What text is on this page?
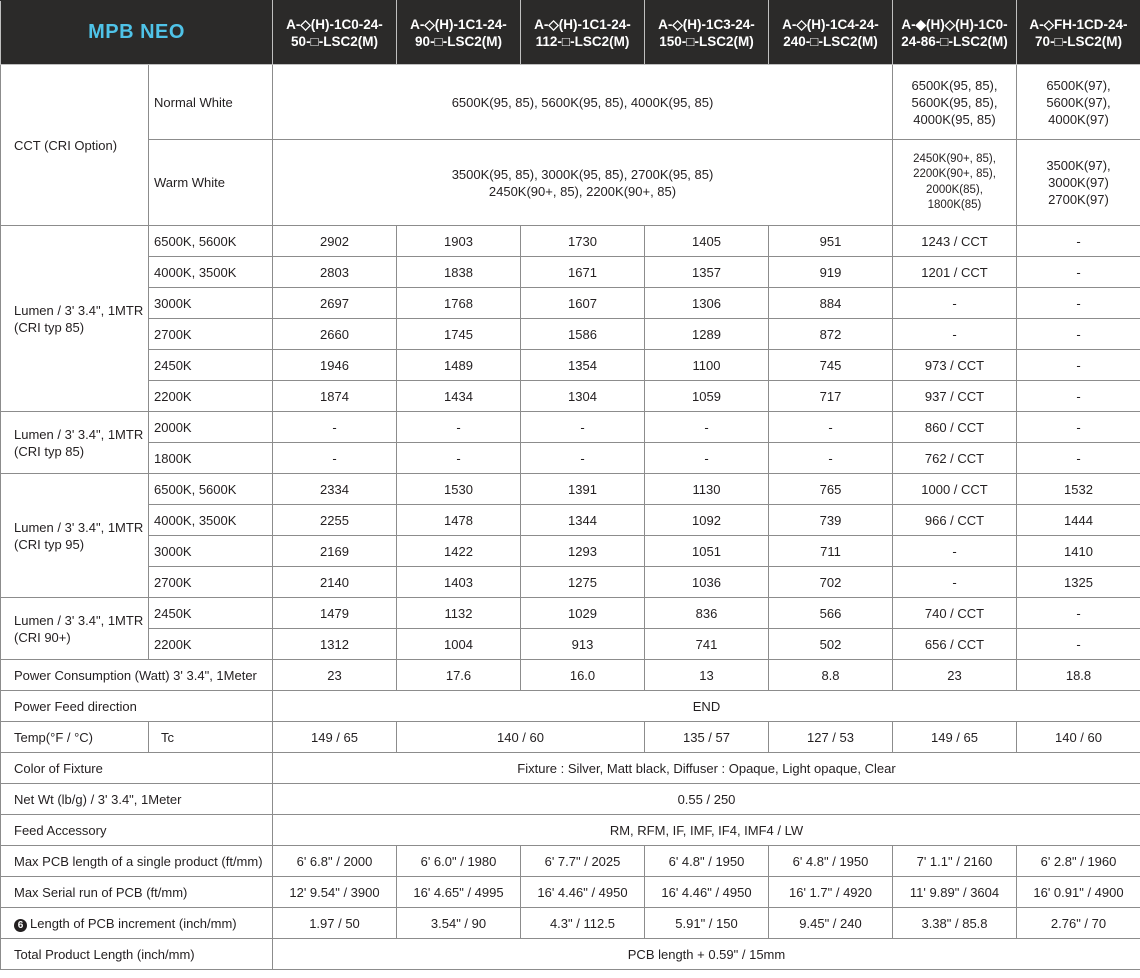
MPB NEO		A-◇(H)-1C0-24-50-□-LSC2(M)	A-◇(H)-1C1-24-90-□-LSC2(M)	A-◇(H)-1C1-24-112-□-LSC2(M)	A-◇(H)-1C3-24-150-□-LSC2(M)	A-◇(H)-1C4-24-240-□-LSC2(M)	A-◆(H)◇(H)-1C0-24-86-□-LSC2(M)	A-◇FH-1CD-24-70-□-LSC2(M)
CCT (CRI Option)	Normal White	6500K(95, 85), 5600K(95, 85), 4000K(95, 85)					6500K(95, 85), 5600K(95, 85), 4000K(95, 85)	6500K(97), 5600K(97), 4000K(97)
	Warm White	3500K(95, 85), 3000K(95, 85), 2700K(95, 85) 2450K(90+, 85), 2200K(90+, 85)					2450K(90+, 85), 2200K(90+, 85), 2000K(85), 1800K(85)	3500K(97), 3000K(97) 2700K(97)
Lumen / 3' 3.4", 1MTR (CRI typ 85)	6500K, 5600K	2902	1903	1730	1405	951	1243 / CCT	-
	4000K, 3500K	2803	1838	1671	1357	919	1201 / CCT	-
	3000K	2697	1768	1607	1306	884	-	-
	2700K	2660	1745	1586	1289	872	-	-
	2450K	1946	1489	1354	1100	745	973 / CCT	-
	2200K	1874	1434	1304	1059	717	937 / CCT	-
Lumen / 3' 3.4", 1MTR (CRI typ 85)	2000K	-	-	-	-	-	860 / CCT	-
	1800K	-	-	-	-	-	762 / CCT	-
Lumen / 3' 3.4", 1MTR (CRI typ 95)	6500K, 5600K	2334	1530	1391	1130	765	1000 / CCT	1532
	4000K, 3500K	2255	1478	1344	1092	739	966 / CCT	1444
	3000K	2169	1422	1293	1051	711	-	1410
	2700K	2140	1403	1275	1036	702	-	1325
Lumen / 3' 3.4", 1MTR (CRI 90+)	2450K	1479	1132	1029	836	566	740 / CCT	-
	2200K	1312	1004	913	741	502	656 / CCT	-
Power Consumption (Watt) 3' 3.4", 1Meter		23	17.6	16.0	13	8.8	23	18.8
Power Feed direction		END						
Temp(°F / °C)	Tc	149 / 65	140 / 60		135 / 57	127 / 53	149 / 65	140 / 60
Color of Fixture		Fixture : Silver, Matt black, Diffuser : Opaque, Light opaque, Clear						
Net Wt (lb/g) / 3' 3.4", 1Meter		0.55 / 250						
Feed Accessory		RM, RFM, IF, IMF, IF4, IMF4 / LW						
Max PCB length of a single product (ft/mm)		6' 6.8" / 2000	6' 6.0" / 1980	6' 7.7" / 2025	6' 4.8" / 1950	6' 4.8" / 1950	7' 1.1" / 2160	6' 2.8" / 1960
Max Serial run of PCB (ft/mm)		12' 9.54" / 3900	16' 4.65" / 4995	16' 4.46" / 4950	16' 4.46" / 4950	16' 1.7" / 4920	11' 9.89" / 3604	16' 0.91" / 4900
6 Length of PCB increment (inch/mm)		1.97 / 50	3.54" / 90	4.3" / 112.5	5.91" / 150	9.45" / 240	3.38" / 85.8	2.76" / 70
Total Product Length (inch/mm)		PCB length + 0.59" / 15mm						
